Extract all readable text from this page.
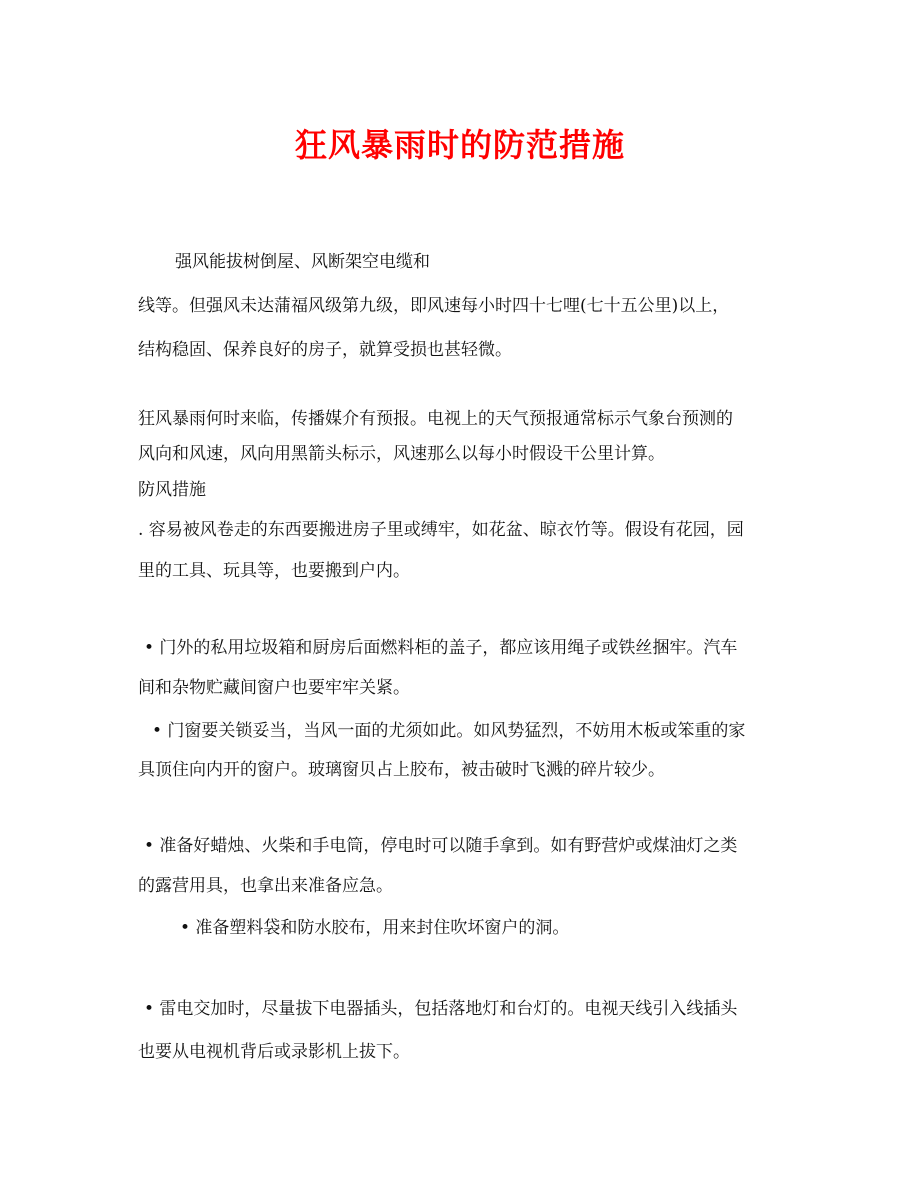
狂风暴雨时的防范措施
强风能拔树倒屋、风断架空电缆和
线等。但强风未达蒲福风级第九级，即风速每小时四十七哩(七十五公里)以上，
结构稳固、保养良好的房子，就算受损也甚轻微。
狂风暴雨何时来临，传播媒介有预报。电视上的天气预报通常标示气象台预测的
风向和风速，风向用黑箭头标示，风速那么以每小时假设干公里计算。
防风措施
. 容易被风卷走的东西要搬进房子里或缚牢，如花盆、晾衣竹等。假设有花园，园
里的工具、玩具等，也要搬到户内。
• 门外的私用垃圾箱和厨房后面燃料柜的盖子，都应该用绳子或铁丝捆牢。汽车
间和杂物贮藏间窗户也要牢牢关紧。
• 门窗要关锁妥当，当风一面的尤须如此。如风势猛烈，不妨用木板或笨重的家
具顶住向内开的窗户。玻璃窗贝占上胶布，被击破时飞溅的碎片较少。
• 准备好蜡烛、火柴和手电筒，停电时可以随手拿到。如有野营炉或煤油灯之类
的露营用具，也拿出来准备应急。
• 准备塑料袋和防水胶布，用来封住吹坏窗户的洞。
• 雷电交加时，尽量拔下电器插头，包括落地灯和台灯的。电视天线引入线插头
也要从电视机背后或录影机上拔下。
